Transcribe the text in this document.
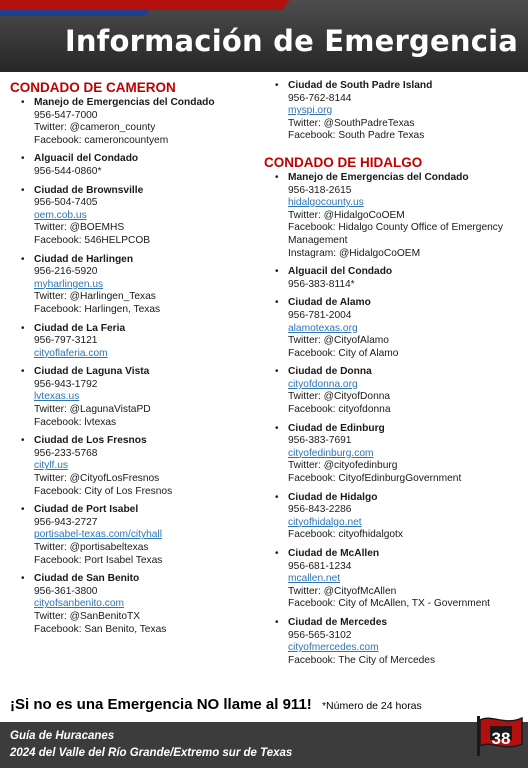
Información de Emergencia
CONDADO DE CAMERON
• Manejo de Emergencias del Condado
956-547-7000
Twitter: @cameron_county
Facebook: cameroncountyem
• Alguacil del Condado
956-544-0860*
• Ciudad de Brownsville
956-504-7405
oem.cob.us
Twitter: @BOEMHS
Facebook: 546HELPCOB
• Ciudad de Harlingen
956-216-5920
myharlingen.us
Twitter: @Harlingen_Texas
Facebook: Harlingen, Texas
• Ciudad de La Feria
956-797-3121
cityoflaferia.com
• Ciudad de Laguna Vista
956-943-1792
lvtexas.us
Twitter: @LagunaVistaPD
Facebook: lvtexas
• Ciudad de Los Fresnos
956-233-5768
citylf.us
Twitter: @CityofLosFresnos
Facebook: City of Los Fresnos
• Ciudad de Port Isabel
956-943-2727
portisabel-texas.com/cityhall
Twitter: @portisabeltexas
Facebook: Port Isabel Texas
• Ciudad de San Benito
956-361-3800
cityofsanbenito.com
Twitter: @SanBenitoTX
Facebook: San Benito, Texas
• Ciudad de South Padre Island
956-762-8144
myspi.org
Twitter: @SouthPadreTexas
Facebook: South Padre Texas
CONDADO DE HIDALGO
• Manejo de Emergencias del Condado
956-318-2615
hidalgocounty.us
Twitter: @HidalgoCoOEM
Facebook: Hidalgo County Office of Emergency Management
Instagram: @HidalgoCoOEM
• Alguacil del Condado
956-383-8114*
• Ciudad de Alamo
956-781-2004
alamotexas.org
Twitter: @CityofAlamo
Facebook: City of Alamo
• Ciudad de Donna
cityofdonna.org
Twitter: @CityofDonna
Facebook: cityofdonna
• Ciudad de Edinburg
956-383-7691
cityofedinburg.com
Twitter: @cityofedinburg
Facebook: CityofEdinburgGovernment
• Ciudad de Hidalgo
956-843-2286
cityofhidalgo.net
Facebook: cityofhidalgotx
• Ciudad de McAllen
956-681-1234
mcallen.net
Twitter: @CityofMcAllen
Facebook: City of McAllen, TX - Government
• Ciudad de Mercedes
956-565-3102
cityofmercedes.com
Facebook: The City of Mercedes
¡Si no es una Emergencia NO llame al 911! *Número de 24 horas
Guía de Huracanes
2024 del Valle del Río Grande/Extremo sur de Texas
38
